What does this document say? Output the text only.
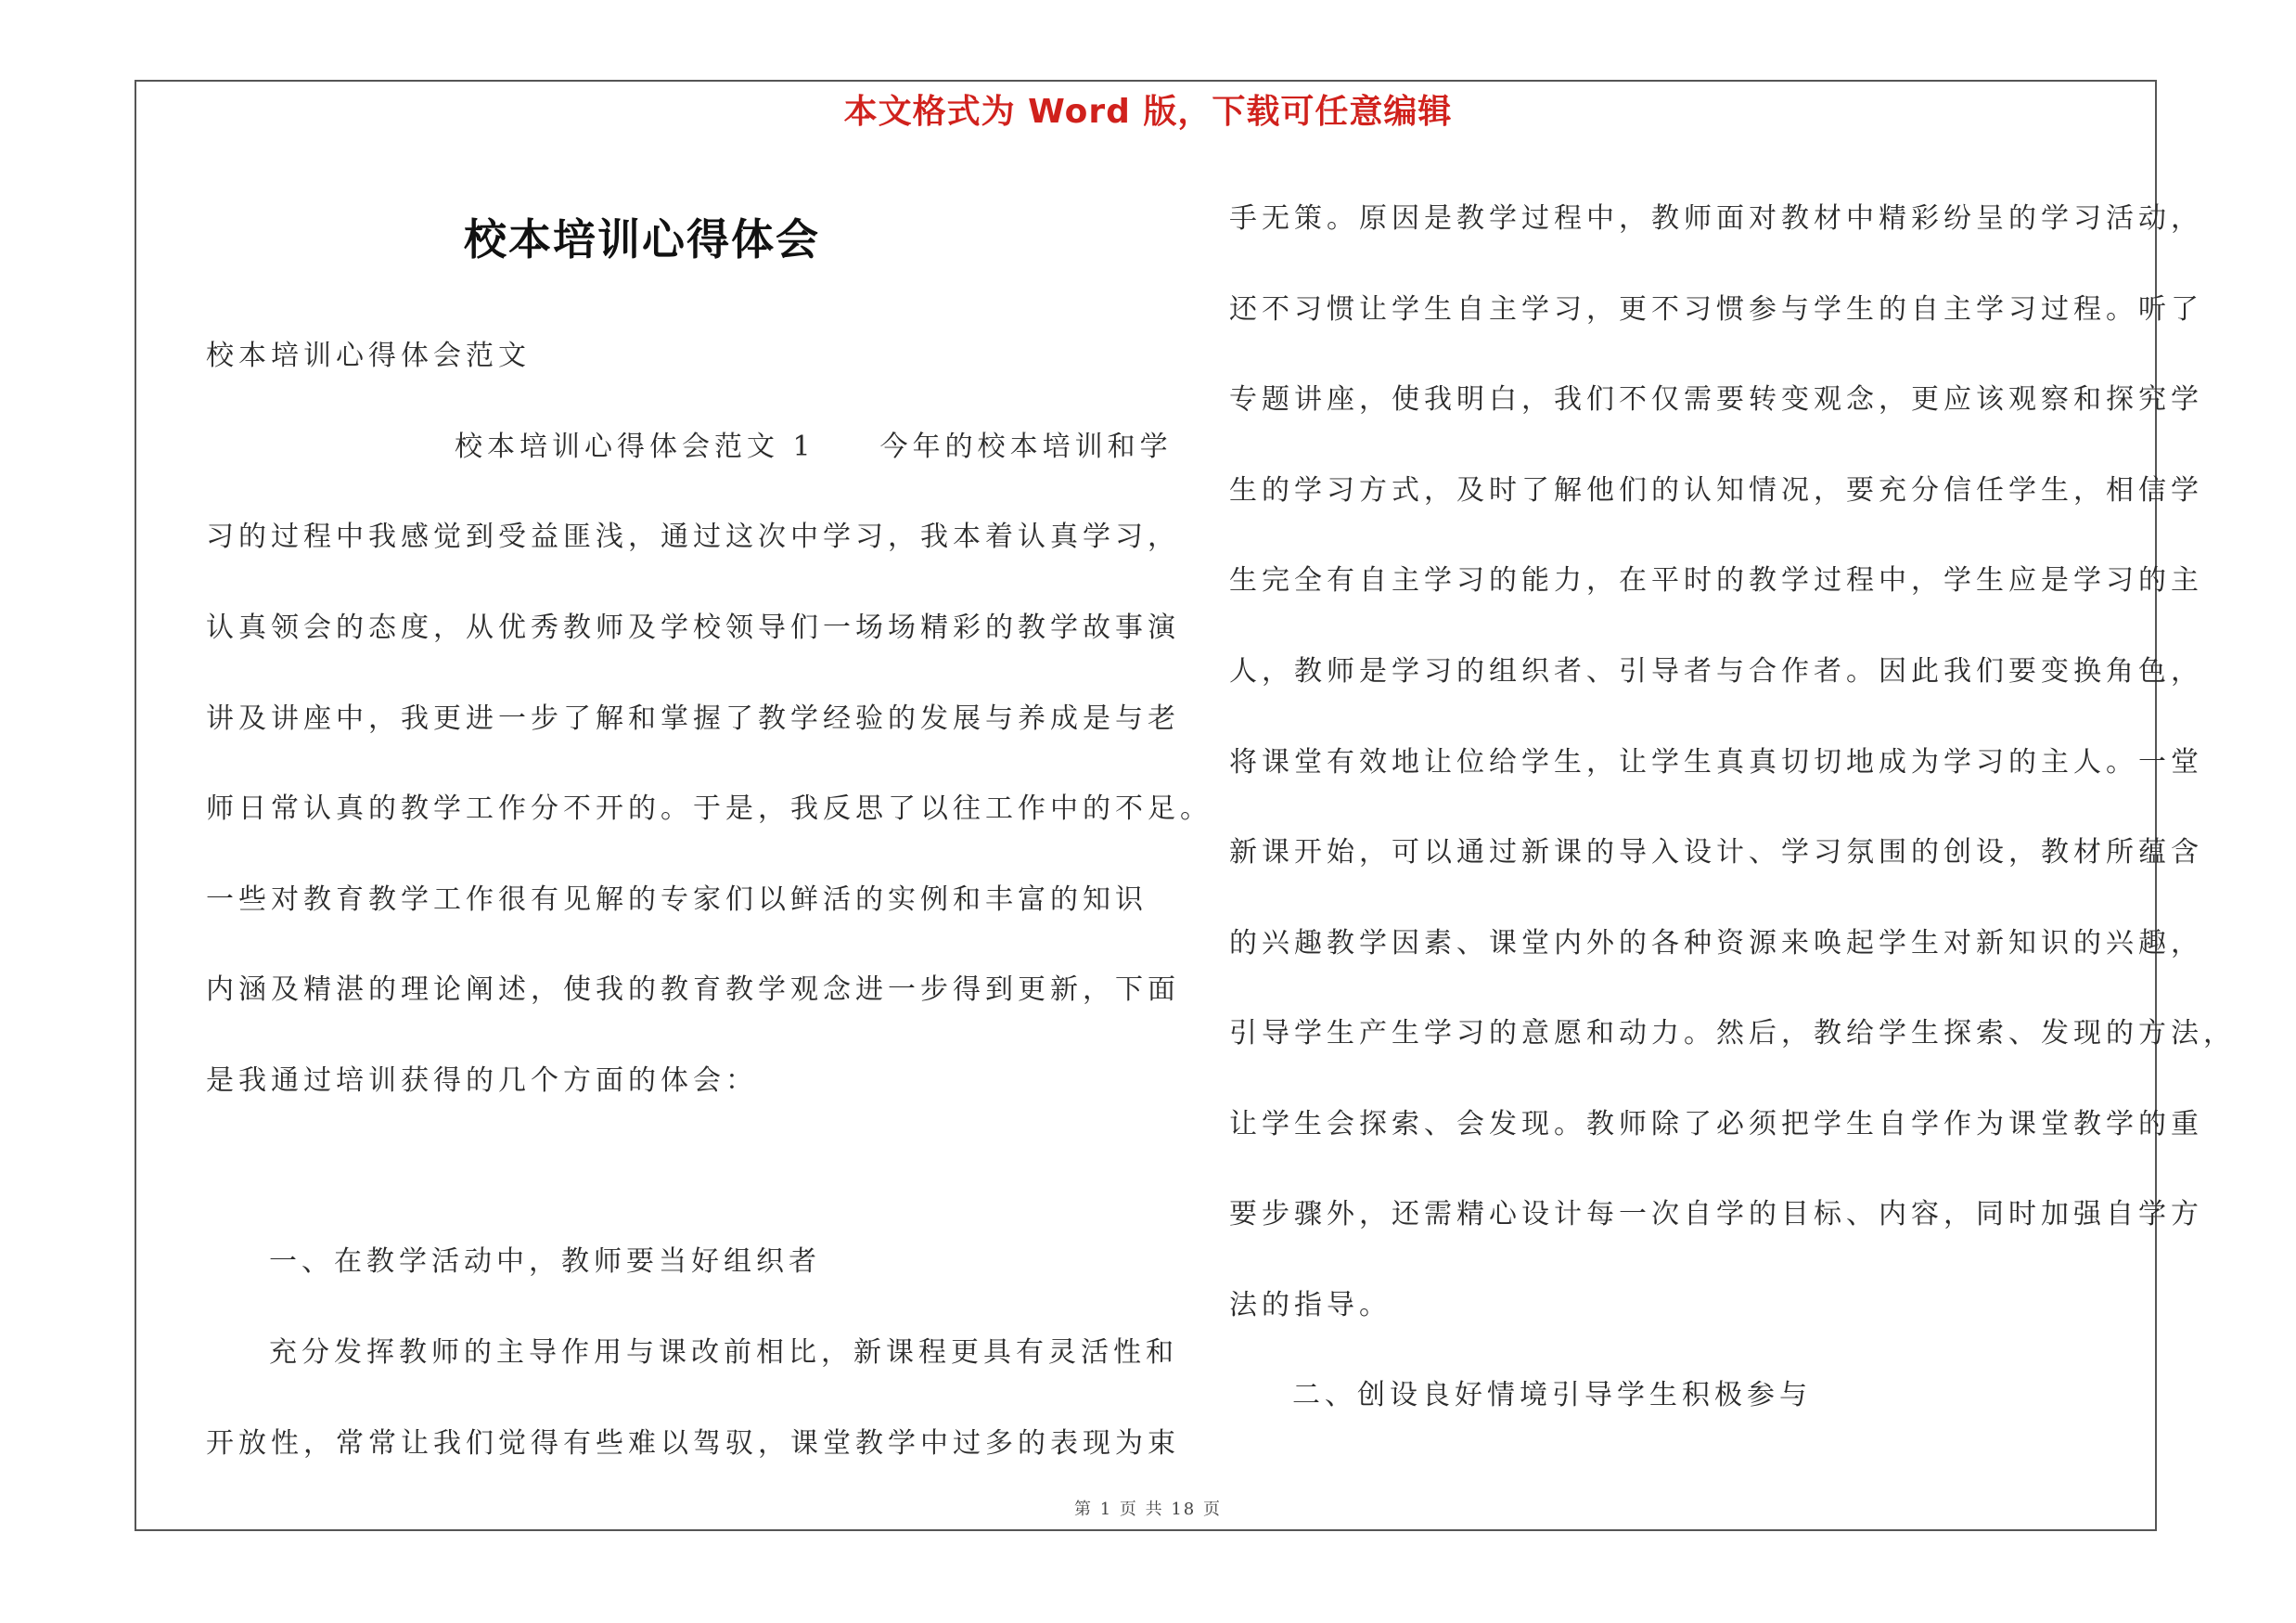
本文格式为 Word 版，下载可任意编辑
校本培训心得体会
校本培训心得体会范文
校本培训心得体会范文 1　　今年的校本培训和学
习的过程中我感觉到受益匪浅，通过这次中学习，我本着认真学习，
认真领会的态度，从优秀教师及学校领导们一场场精彩的教学故事演
讲及讲座中，我更进一步了解和掌握了教学经验的发展与养成是与老
师日常认真的教学工作分不开的。于是，我反思了以往工作中的不足。
一些对教育教学工作很有见解的专家们以鲜活的实例和丰富的知识
内涵及精湛的理论阐述，使我的教育教学观念进一步得到更新，下面
是我通过培训获得的几个方面的体会：
一、在教学活动中，教师要当好组织者
充分发挥教师的主导作用与课改前相比，新课程更具有灵活性和
开放性，常常让我们觉得有些难以驾驭，课堂教学中过多的表现为束
手无策。原因是教学过程中，教师面对教材中精彩纷呈的学习活动，
还不习惯让学生自主学习，更不习惯参与学生的自主学习过程。听了
专题讲座，使我明白，我们不仅需要转变观念，更应该观察和探究学
生的学习方式，及时了解他们的认知情况，要充分信任学生，相信学
生完全有自主学习的能力，在平时的教学过程中，学生应是学习的主
人，教师是学习的组织者、引导者与合作者。因此我们要变换角色，
将课堂有效地让位给学生，让学生真真切切地成为学习的主人。一堂
新课开始，可以通过新课的导入设计、学习氛围的创设，教材所蕴含
的兴趣教学因素、课堂内外的各种资源来唤起学生对新知识的兴趣，
引导学生产生学习的意愿和动力。然后，教给学生探索、发现的方法，
让学生会探索、会发现。教师除了必须把学生自学作为课堂教学的重
要步骤外，还需精心设计每一次自学的目标、内容，同时加强自学方
法的指导。
二、创设良好情境引导学生积极参与
第 1 页 共 18 页
